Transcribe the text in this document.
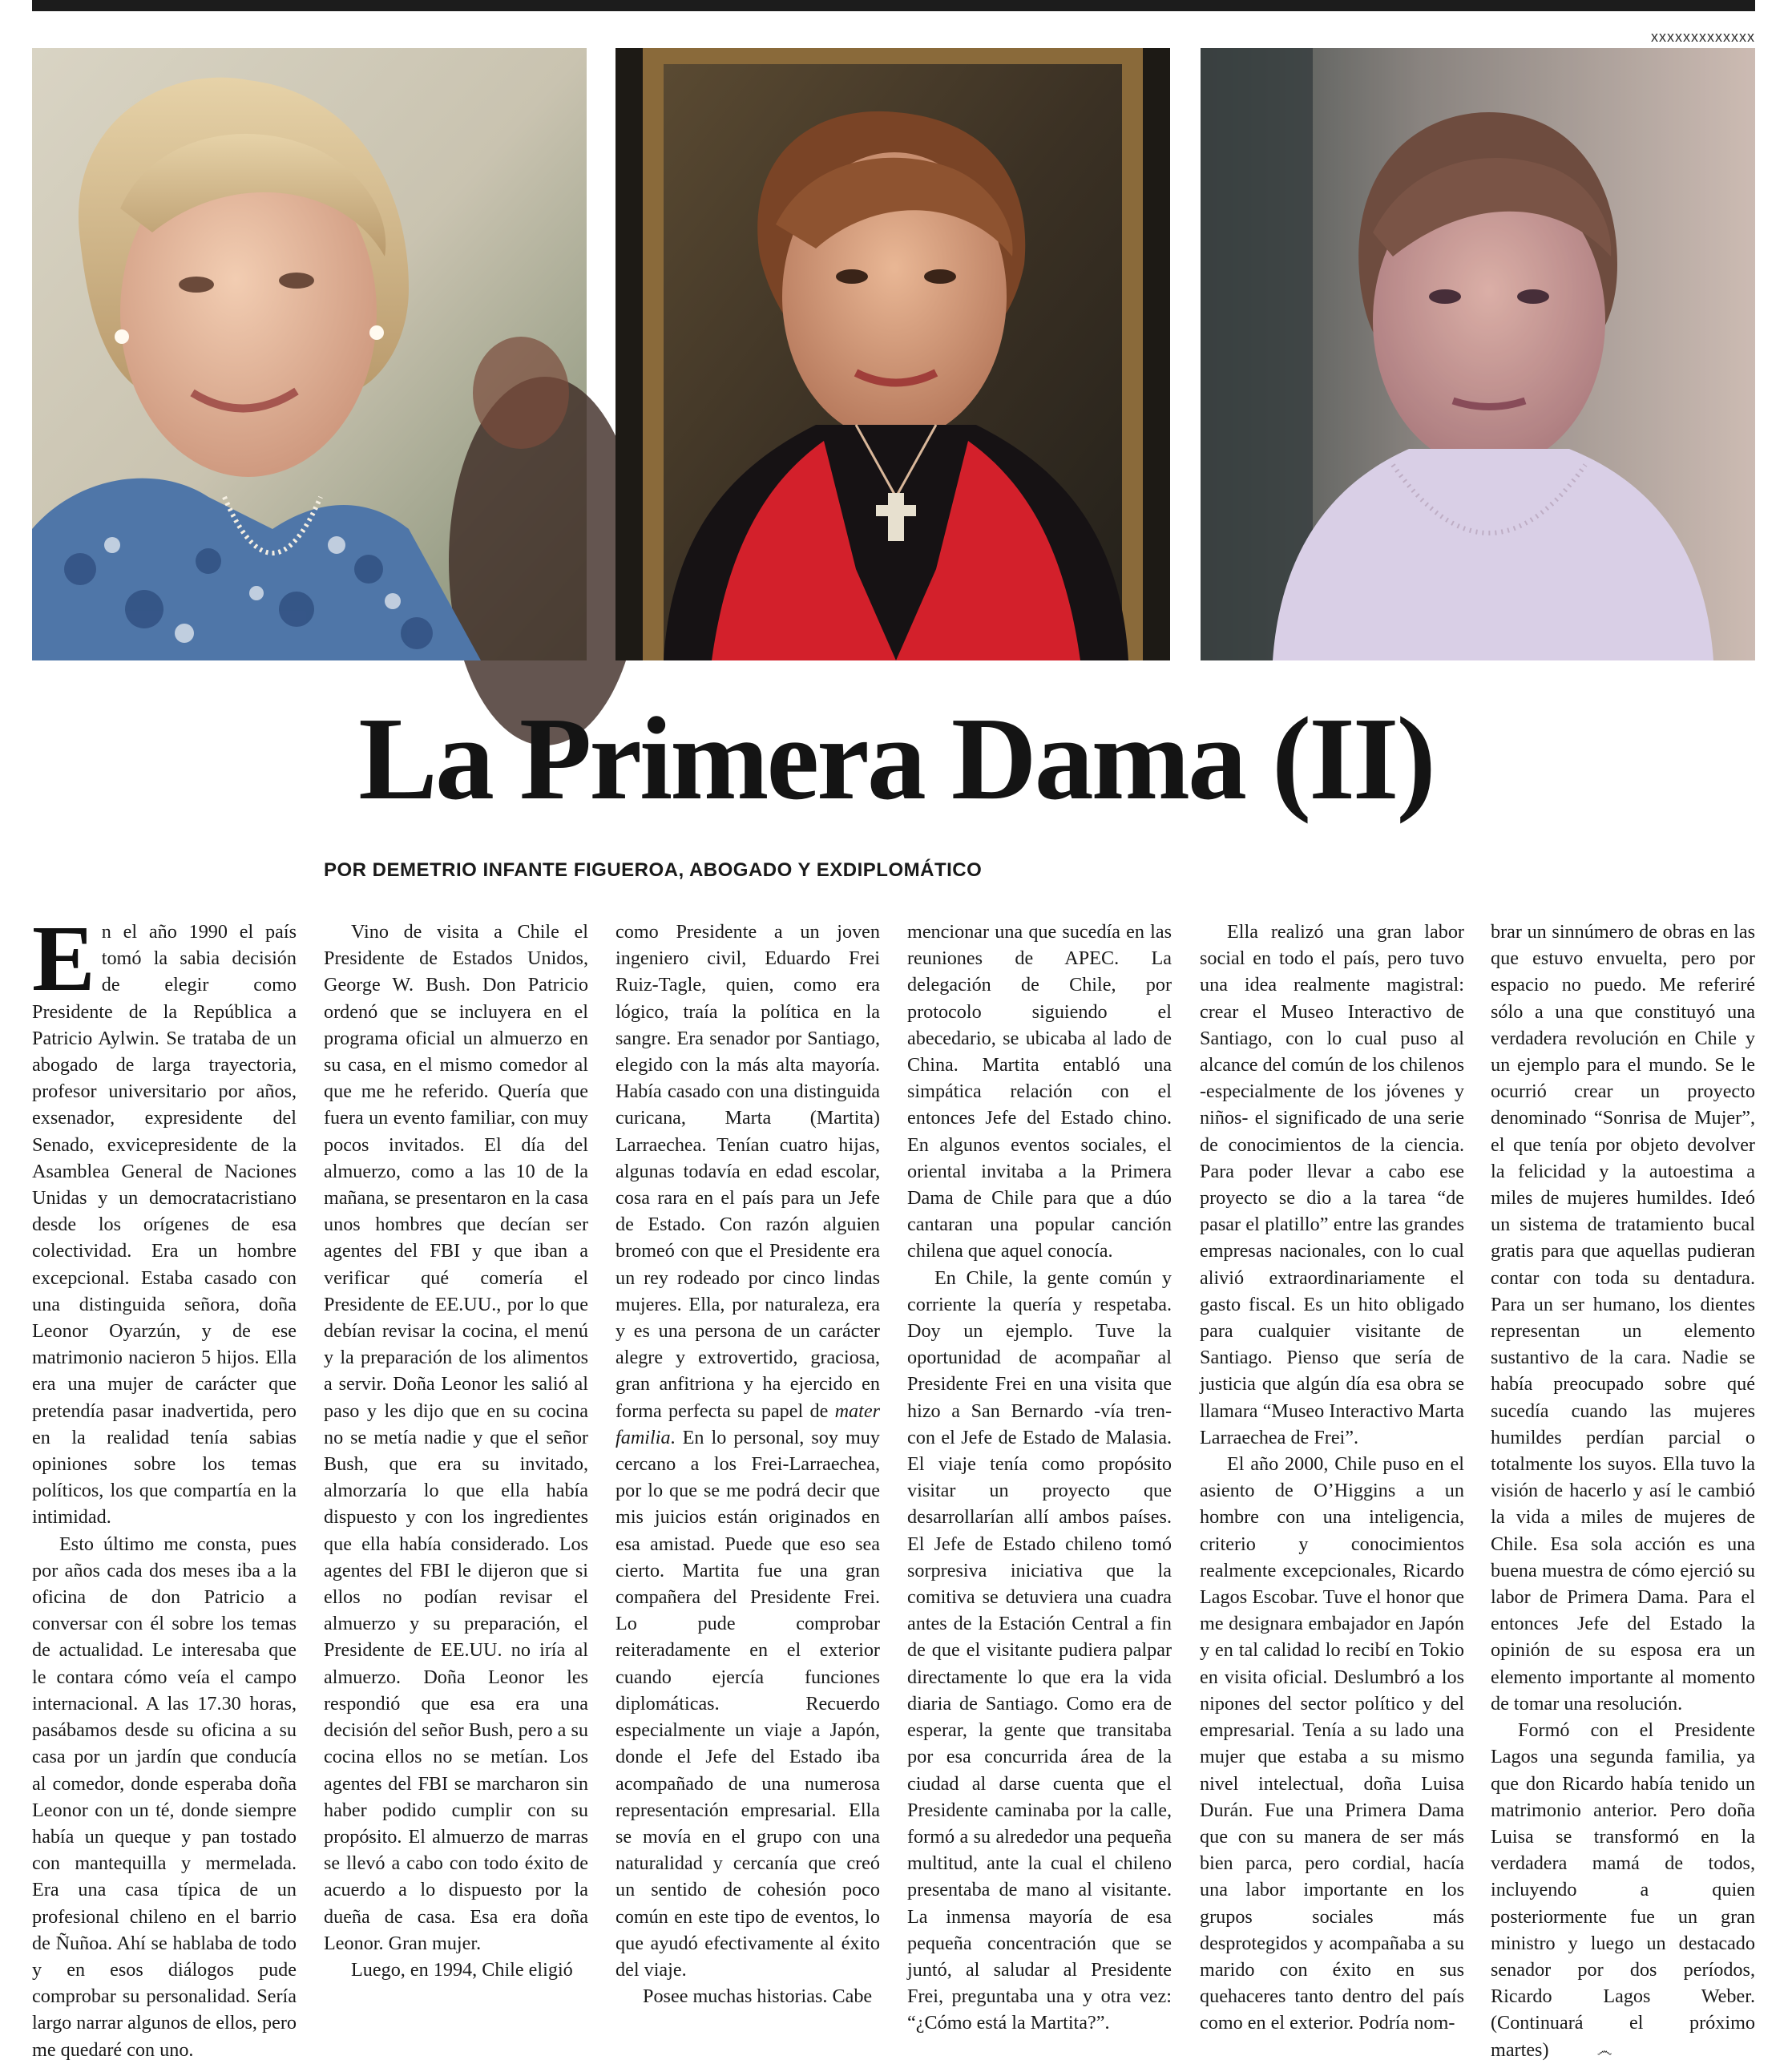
xxxxxxxxxxxxx
La Primera Dama (II)
POR DEMETRIO INFANTE FIGUEROA, ABOGADO Y EXDIPLOMÁTICO

En el año 1990 el país tomó la sabia decisión de elegir como Presidente de la República a Patricio Aylwin. Se trataba de un abogado de larga trayectoria, profesor universitario por años, exsenador, expresidente del Senado, exvicepresidente de la Asamblea General de Naciones Unidas y un democratacristiano desde los orígenes de esa colectividad. Era un hombre excepcional. Estaba casado con una distinguida señora, doña Leonor Oyarzún, y de ese matrimonio nacieron 5 hijos. Ella era una mujer de carácter que pretendía pasar inadvertida, pero en la realidad tenía sabias opiniones sobre los temas políticos, los que compartía en la intimidad.

Esto último me consta, pues por años cada dos meses iba a la oficina de don Patricio a conversar con él sobre los temas de actualidad. Le interesaba que le contara cómo veía el campo internacional. A las 17.30 horas, pasábamos desde su oficina a su casa por un jardín que conducía al comedor, donde esperaba doña Leonor con un té, donde siempre había un queque y pan tostado con mantequilla y mermelada. Era una casa típica de un profesional chileno en el barrio de Ñuñoa. Ahí se hablaba de todo y en esos diálogos pude comprobar su personalidad. Sería largo narrar algunos de ellos, pero me quedaré con uno.

Vino de visita a Chile el Presidente de Estados Unidos, George W. Bush. Don Patricio ordenó que se incluyera en el programa oficial un almuerzo en su casa, en el mismo comedor al que me he referido. Quería que fuera un evento familiar, con muy pocos invitados. El día del almuerzo, como a las 10 de la mañana, se presentaron en la casa unos hombres que decían ser agentes del FBI y que iban a verificar qué comería el Presidente de EE.UU., por lo que debían revisar la cocina, el menú y la preparación de los alimentos a servir. Doña Leonor les salió al paso y les dijo que en su cocina no se metía nadie y que el señor Bush, que era su invitado, almorzaría lo que ella había dispuesto y con los ingredientes que ella había considerado. Los agentes del FBI le dijeron que si ellos no podían revisar el almuerzo y su preparación, el Presidente de EE.UU. no iría al almuerzo. Doña Leonor les respondió que esa era una decisión del señor Bush, pero a su cocina ellos no se metían. Los agentes del FBI se marcharon sin haber podido cumplir con su propósito. El almuerzo de marras se llevó a cabo con todo éxito de acuerdo a lo dispuesto por la dueña de casa. Esa era doña Leonor. Gran mujer.

Luego, en 1994, Chile eligió

como Presidente a un joven ingeniero civil, Eduardo Frei Ruiz-Tagle, quien, como era lógico, traía la política en la sangre. Era senador por Santiago, elegido con la más alta mayoría. Había casado con una distinguida curicana, Marta (Martita) Larraechea. Tenían cuatro hijas, algunas todavía en edad escolar, cosa rara en el país para un Jefe de Estado. Con razón alguien bromeó con que el Presidente era un rey rodeado por cinco lindas mujeres. Ella, por naturaleza, era y es una persona de un carácter alegre y extrovertido, graciosa, gran anfitriona y ha ejercido en forma perfecta su papel de mater familia. En lo personal, soy muy cercano a los Frei-Larraechea, por lo que se me podrá decir que mis juicios están originados en esa amistad. Puede que eso sea cierto. Martita fue una gran compañera del Presidente Frei. Lo pude comprobar reiteradamente en el exterior cuando ejercía funciones diplomáticas. Recuerdo especialmente un viaje a Japón, donde el Jefe del Estado iba acompañado de una numerosa representación empresarial. Ella se movía en el grupo con una naturalidad y cercanía que creó un sentido de cohesión poco común en este tipo de eventos, lo que ayudó efectivamente al éxito del viaje.

Posee muchas historias. Cabe

mencionar una que sucedía en las reuniones de APEC. La delegación de Chile, por protocolo siguiendo el abecedario, se ubicaba al lado de China. Martita entabló una simpática relación con el entonces Jefe del Estado chino. En algunos eventos sociales, el oriental invitaba a la Primera Dama de Chile para que a dúo cantaran una popular canción chilena que aquel conocía.

En Chile, la gente común y corriente la quería y respetaba. Doy un ejemplo. Tuve la oportunidad de acompañar al Presidente Frei en una visita que hizo a San Bernardo -vía tren- con el Jefe de Estado de Malasia. El viaje tenía como propósito visitar un proyecto que desarrollarían allí ambos países. El Jefe de Estado chileno tomó sorpresiva iniciativa que la comitiva se detuviera una cuadra antes de la Estación Central a fin de que el visitante pudiera palpar directamente lo que era la vida diaria de Santiago. Como era de esperar, la gente que transitaba por esa concurrida área de la ciudad al darse cuenta que el Presidente caminaba por la calle, formó a su alrededor una pequeña multitud, ante la cual el chileno presentaba de mano al visitante. La inmensa mayoría de esa pequeña concentración que se juntó, al saludar al Presidente Frei, preguntaba una y otra vez: “¿Cómo está la Martita?”.

Ella realizó una gran labor social en todo el país, pero tuvo una idea realmente magistral: crear el Museo Interactivo de Santiago, con lo cual puso al alcance del común de los chilenos -especialmente de los jóvenes y niños- el significado de una serie de conocimientos de la ciencia. Para poder llevar a cabo ese proyecto se dio a la tarea “de pasar el platillo” entre las grandes empresas nacionales, con lo cual alivió extraordinariamente el gasto fiscal. Es un hito obligado para cualquier visitante de Santiago. Pienso que sería de justicia que algún día esa obra se llamara “Museo Interactivo Marta Larraechea de Frei”.

El año 2000, Chile puso en el asiento de O’Higgins a un hombre con una inteligencia, criterio y conocimientos realmente excepcionales, Ricardo Lagos Escobar. Tuve el honor que me designara embajador en Japón y en tal calidad lo recibí en Tokio en visita oficial. Deslumbró a los nipones del sector político y del empresarial. Tenía a su lado una mujer que estaba a su mismo nivel intelectual, doña Luisa Durán. Fue una Primera Dama que con su manera de ser más bien parca, pero cordial, hacía una labor importante en los grupos sociales más desprotegidos y acompañaba a su marido con éxito en sus quehaceres tanto dentro del país como en el exterior. Podría nom-

brar un sinnúmero de obras en las que estuvo envuelta, pero por espacio no puedo. Me referiré sólo a una que constituyó una verdadera revolución en Chile y un ejemplo para el mundo. Se le ocurrió crear un proyecto denominado “Sonrisa de Mujer”, el que tenía por objeto devolver la felicidad y la autoestima a miles de mujeres humildes. Ideó un sistema de tratamiento bucal gratis para que aquellas pudieran contar con toda su dentadura. Para un ser humano, los dientes representan un elemento sustantivo de la cara. Nadie se había preocupado sobre qué sucedía cuando las mujeres humildes perdían parcial o totalmente los suyos. Ella tuvo la visión de hacerlo y así le cambió la vida a miles de mujeres de Chile. Esa sola acción es una buena muestra de cómo ejerció su labor de Primera Dama. Para el entonces Jefe del Estado la opinión de su esposa era un elemento importante al momento de tomar una resolución.

Formó con el Presidente Lagos una segunda familia, ya que don Ricardo había tenido un matrimonio anterior. Pero doña Luisa se transformó en la verdadera mamá de todos, incluyendo a quien posteriormente fue un gran ministro y luego un destacado senador por dos períodos, Ricardo Lagos Weber. (Continuará el próximo martes)	෴
